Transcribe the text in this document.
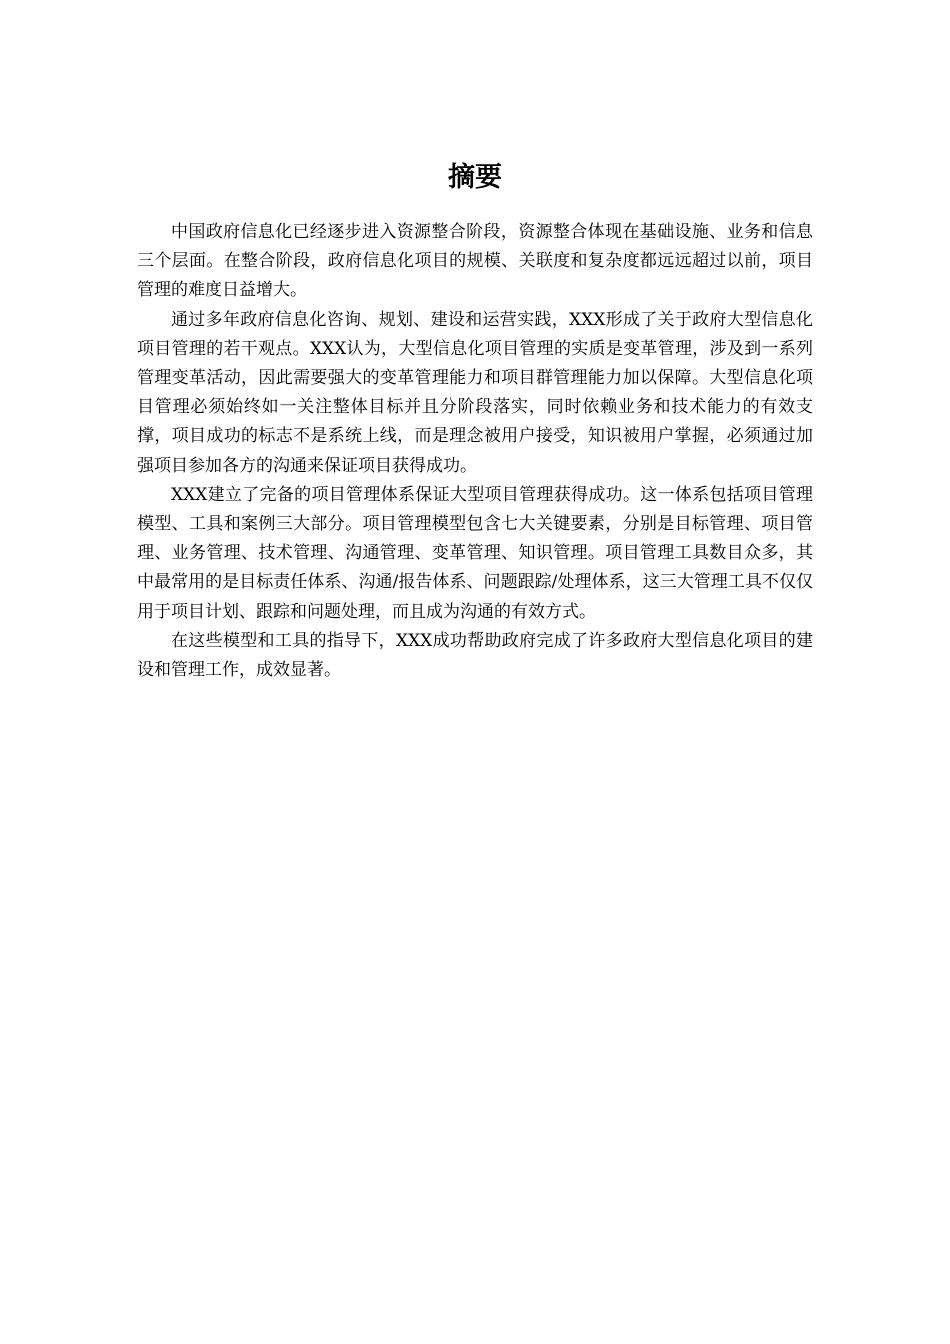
摘要

中国政府信息化已经逐步进入资源整合阶段，资源整合体现在基础设施、业务和信息三个层面。在整合阶段，政府信息化项目的规模、关联度和复杂度都远远超过以前，项目管理的难度日益增大。

通过多年政府信息化咨询、规划、建设和运营实践，XXX形成了关于政府大型信息化项目管理的若干观点。XXX认为，大型信息化项目管理的实质是变革管理，涉及到一系列管理变革活动，因此需要强大的变革管理能力和项目群管理能力加以保障。大型信息化项目管理必须始终如一关注整体目标并且分阶段落实，同时依赖业务和技术能力的有效支撑，项目成功的标志不是系统上线，而是理念被用户接受，知识被用户掌握，必须通过加强项目参加各方的沟通来保证项目获得成功。

XXX建立了完备的项目管理体系保证大型项目管理获得成功。这一体系包括项目管理模型、工具和案例三大部分。项目管理模型包含七大关键要素，分别是目标管理、项目管理、业务管理、技术管理、沟通管理、变革管理、知识管理。项目管理工具数目众多，其中最常用的是目标责任体系、沟通/报告体系、问题跟踪/处理体系，这三大管理工具不仅仅用于项目计划、跟踪和问题处理，而且成为沟通的有效方式。

在这些模型和工具的指导下，XXX成功帮助政府完成了许多政府大型信息化项目的建设和管理工作，成效显著。
